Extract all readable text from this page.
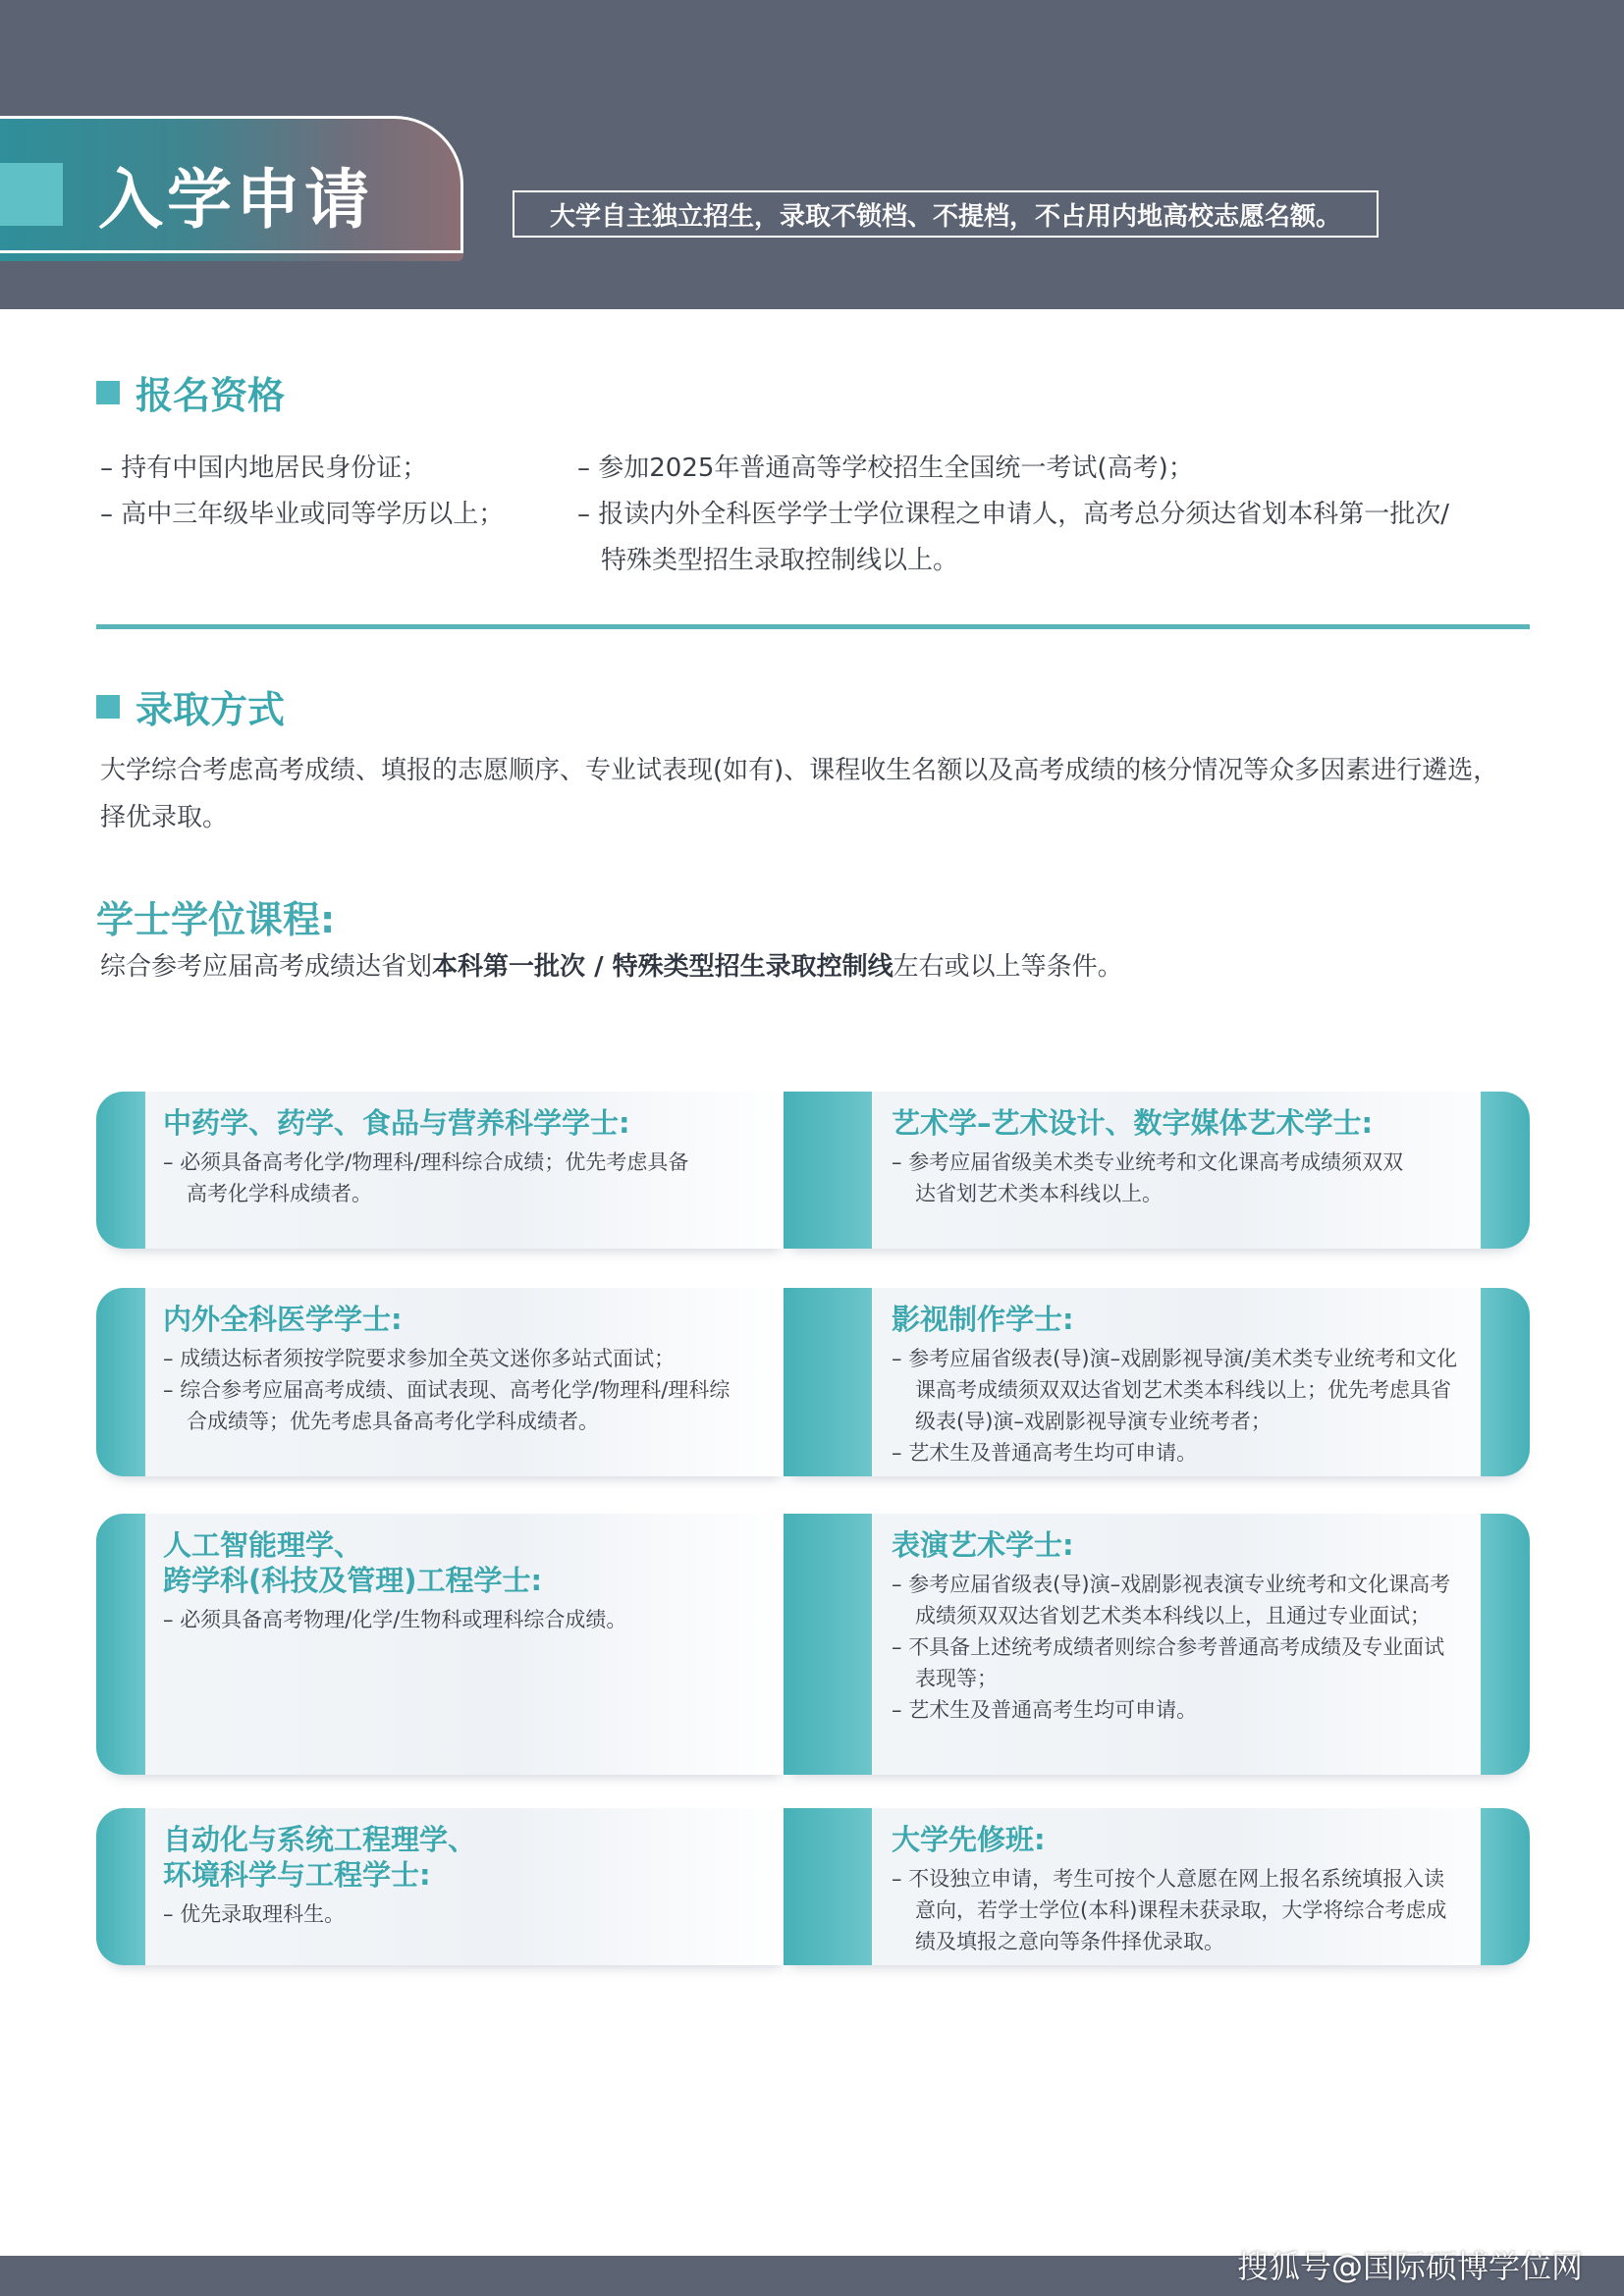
入学申请	大学自主独立招生，录取不锁档、不提档，不占用内地高校志愿名额。
报名资格

– 持有中国内地居民身份证；

– 高中三年级毕业或同等学历以上；

– 参加2025年普通高等学校招生全国统一考试(高考)；

– 报读内外全科医学学士学位课程之申请人，高考总分须达省划本科第一批次/

特殊类型招生录取控制线以上。

录取方式

大学综合考虑高考成绩、填报的志愿顺序、专业试表现(如有)、课程收生名额以及高考成绩的核分情况等众多因素进行遴选，

择优录取。

学士学位课程:

综合参考应届高考成绩达省划本科第一批次 / 特殊类型招生录取控制线左右或以上等条件。

中药学、药学、食品与营养科学学士:
– 必须具备高考化学/物理科/理科综合成绩；优先考虑具备高考化学科成绩者。
艺术学–艺术设计、数字媒体艺术学士:
– 参考应届省级美术类专业统考和文化课高考成绩须双双达省划艺术类本科线以上。
内外全科医学学士:
– 成绩达标者须按学院要求参加全英文迷你多站式面试；
– 综合参考应届高考成绩、面试表现、高考化学/物理科/理科综合成绩等；优先考虑具备高考化学科成绩者。
影视制作学士:
– 参考应届省级表(导)演–戏剧影视导演/美术类专业统考和文化课高考成绩须双双达省划艺术类本科线以上；优先考虑具省级表(导)演–戏剧影视导演专业统考者；
– 艺术生及普通高考生均可申请。
人工智能理学、
跨学科(科技及管理)工程学士:
– 必须具备高考物理/化学/生物科或理科综合成绩。
表演艺术学士:
– 参考应届省级表(导)演–戏剧影视表演专业统考和文化课高考成绩须双双达省划艺术类本科线以上，且通过专业面试；
– 不具备上述统考成绩者则综合参考普通高考成绩及专业面试表现等；
– 艺术生及普通高考生均可申请。
自动化与系统工程理学、
环境科学与工程学士:
– 优先录取理科生。
大学先修班:
– 不设独立申请，考生可按个人意愿在网上报名系统填报入读意向，若学士学位(本科)课程未获录取，大学将综合考虑成绩及填报之意向等条件择优录取。
搜狐号@国际硕博学位网
